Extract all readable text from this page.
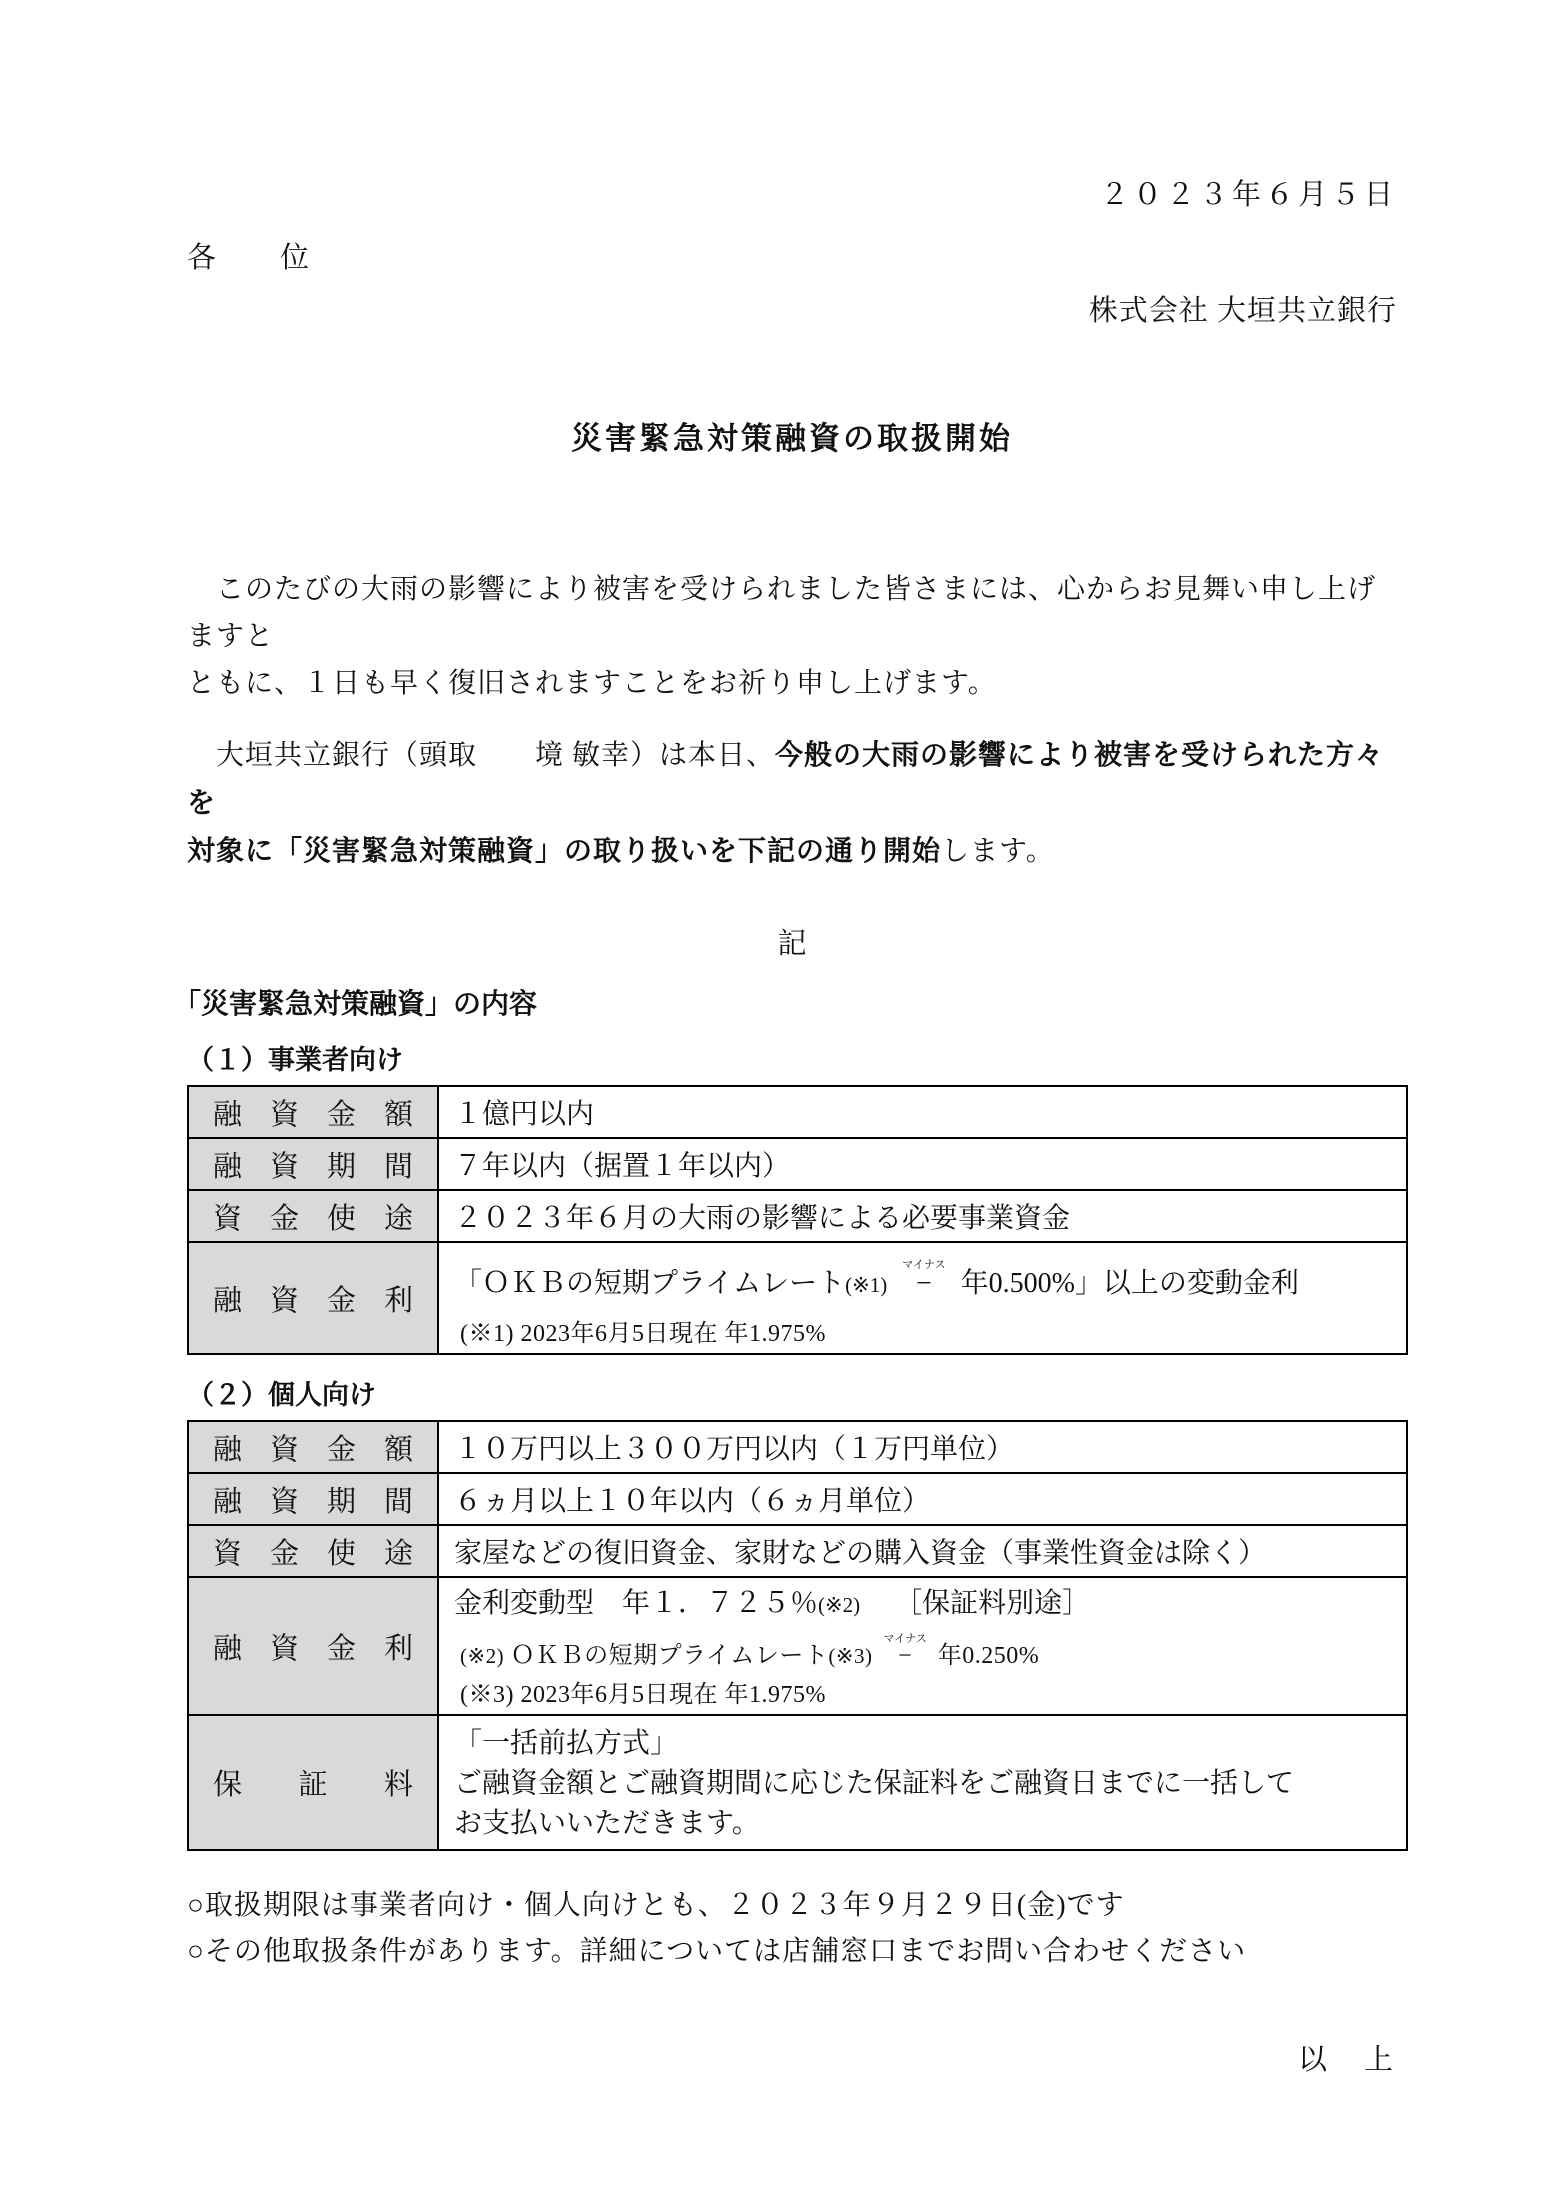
２０２３年６月５日
各　　位
株式会社 大垣共立銀行
災害緊急対策融資の取扱開始
　このたびの大雨の影響により被害を受けられました皆さまには、心からお見舞い申し上げますと
ともに、１日も早く復旧されますことをお祈り申し上げます。
　大垣共立銀行（頭取　　境 敏幸）は本日、今般の大雨の影響により被害を受けられた方々を
対象に「災害緊急対策融資」の取り扱いを下記の通り開始します。
記
「災害緊急対策融資」の内容
（１）事業者向け
融資金額	１億円以内
融資期間	７年以内（据置１年以内）
資金使途	２０２３年６月の大雨の影響による必要事業資金
融資金利	「ＯＫＢの短期プライムレート(※1) −マイナス年0.500%」以上の変動金利
(※1) 2023年6月5日現在 年1.975%
（２）個人向け
融資金額	１０万円以上３００万円以内（１万円単位）
融資期間	６ヵ月以上１０年以内（６ヵ月単位）
資金使途	家屋などの復旧資金、家財などの購入資金（事業性資金は除く）
融資金利	金利変動型　年１．７２５％(※2) ［保証料別途］
(※2) ＯＫＢの短期プライムレート(※3) −マイナス年0.250%
(※3) 2023年6月5日現在 年1.975%

保証料	「一括前払方式」
ご融資金額とご融資期間に応じた保証料をご融資日までに一括して
お支払いいただきます。
○取扱期限は事業者向け・個人向けとも、２０２３年９月２９日(金)です
○その他取扱条件があります。詳細については店舗窓口までお問い合わせください
以　上
